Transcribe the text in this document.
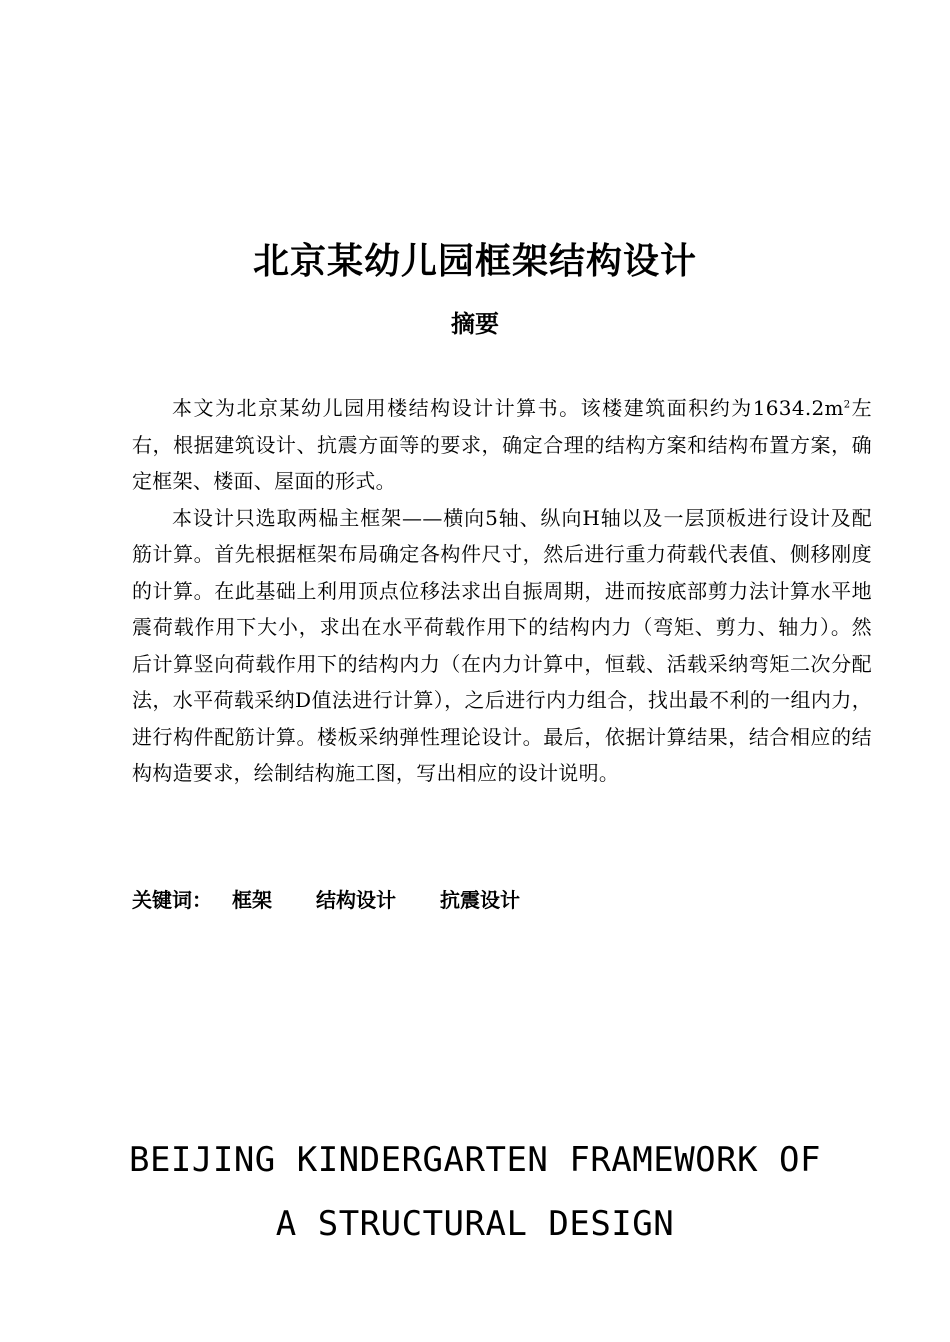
北京某幼儿园框架结构设计
摘要

本文为北京某幼儿园用楼结构设计计算书。该楼建筑面积约为$1634.2m^2$左右，根据建筑设计、抗震方面等的要求，确定合理的结构方案和结构布置方案，确定框架、楼面、屋面的形式。

本设计只选取两榀主框架——横向5轴、纵向H轴以及一层顶板进行设计及配筋计算。首先根据框架布局确定各构件尺寸，然后进行重力荷载代表值、侧移刚度的计算。在此基础上利用顶点位移法求出自振周期，进而按底部剪力法计算水平地震荷载作用下大小，求出在水平荷载作用下的结构内力（弯矩、剪力、轴力）。然后计算竖向荷载作用下的结构内力（在内力计算中，恒载、活载采纳弯矩二次分配法，水平荷载采纳D值法进行计算），之后进行内力组合，找出最不利的一组内力，进行构件配筋计算。楼板采纳弹性理论设计。最后，依据计算结果，结合相应的结构构造要求，绘制结构施工图，写出相应的设计说明。

关键词： 框架 结构设计 抗震设计
BEIJING KINDERGARTEN FRAMEWORK OF
A STRUCTURAL DESIGN
